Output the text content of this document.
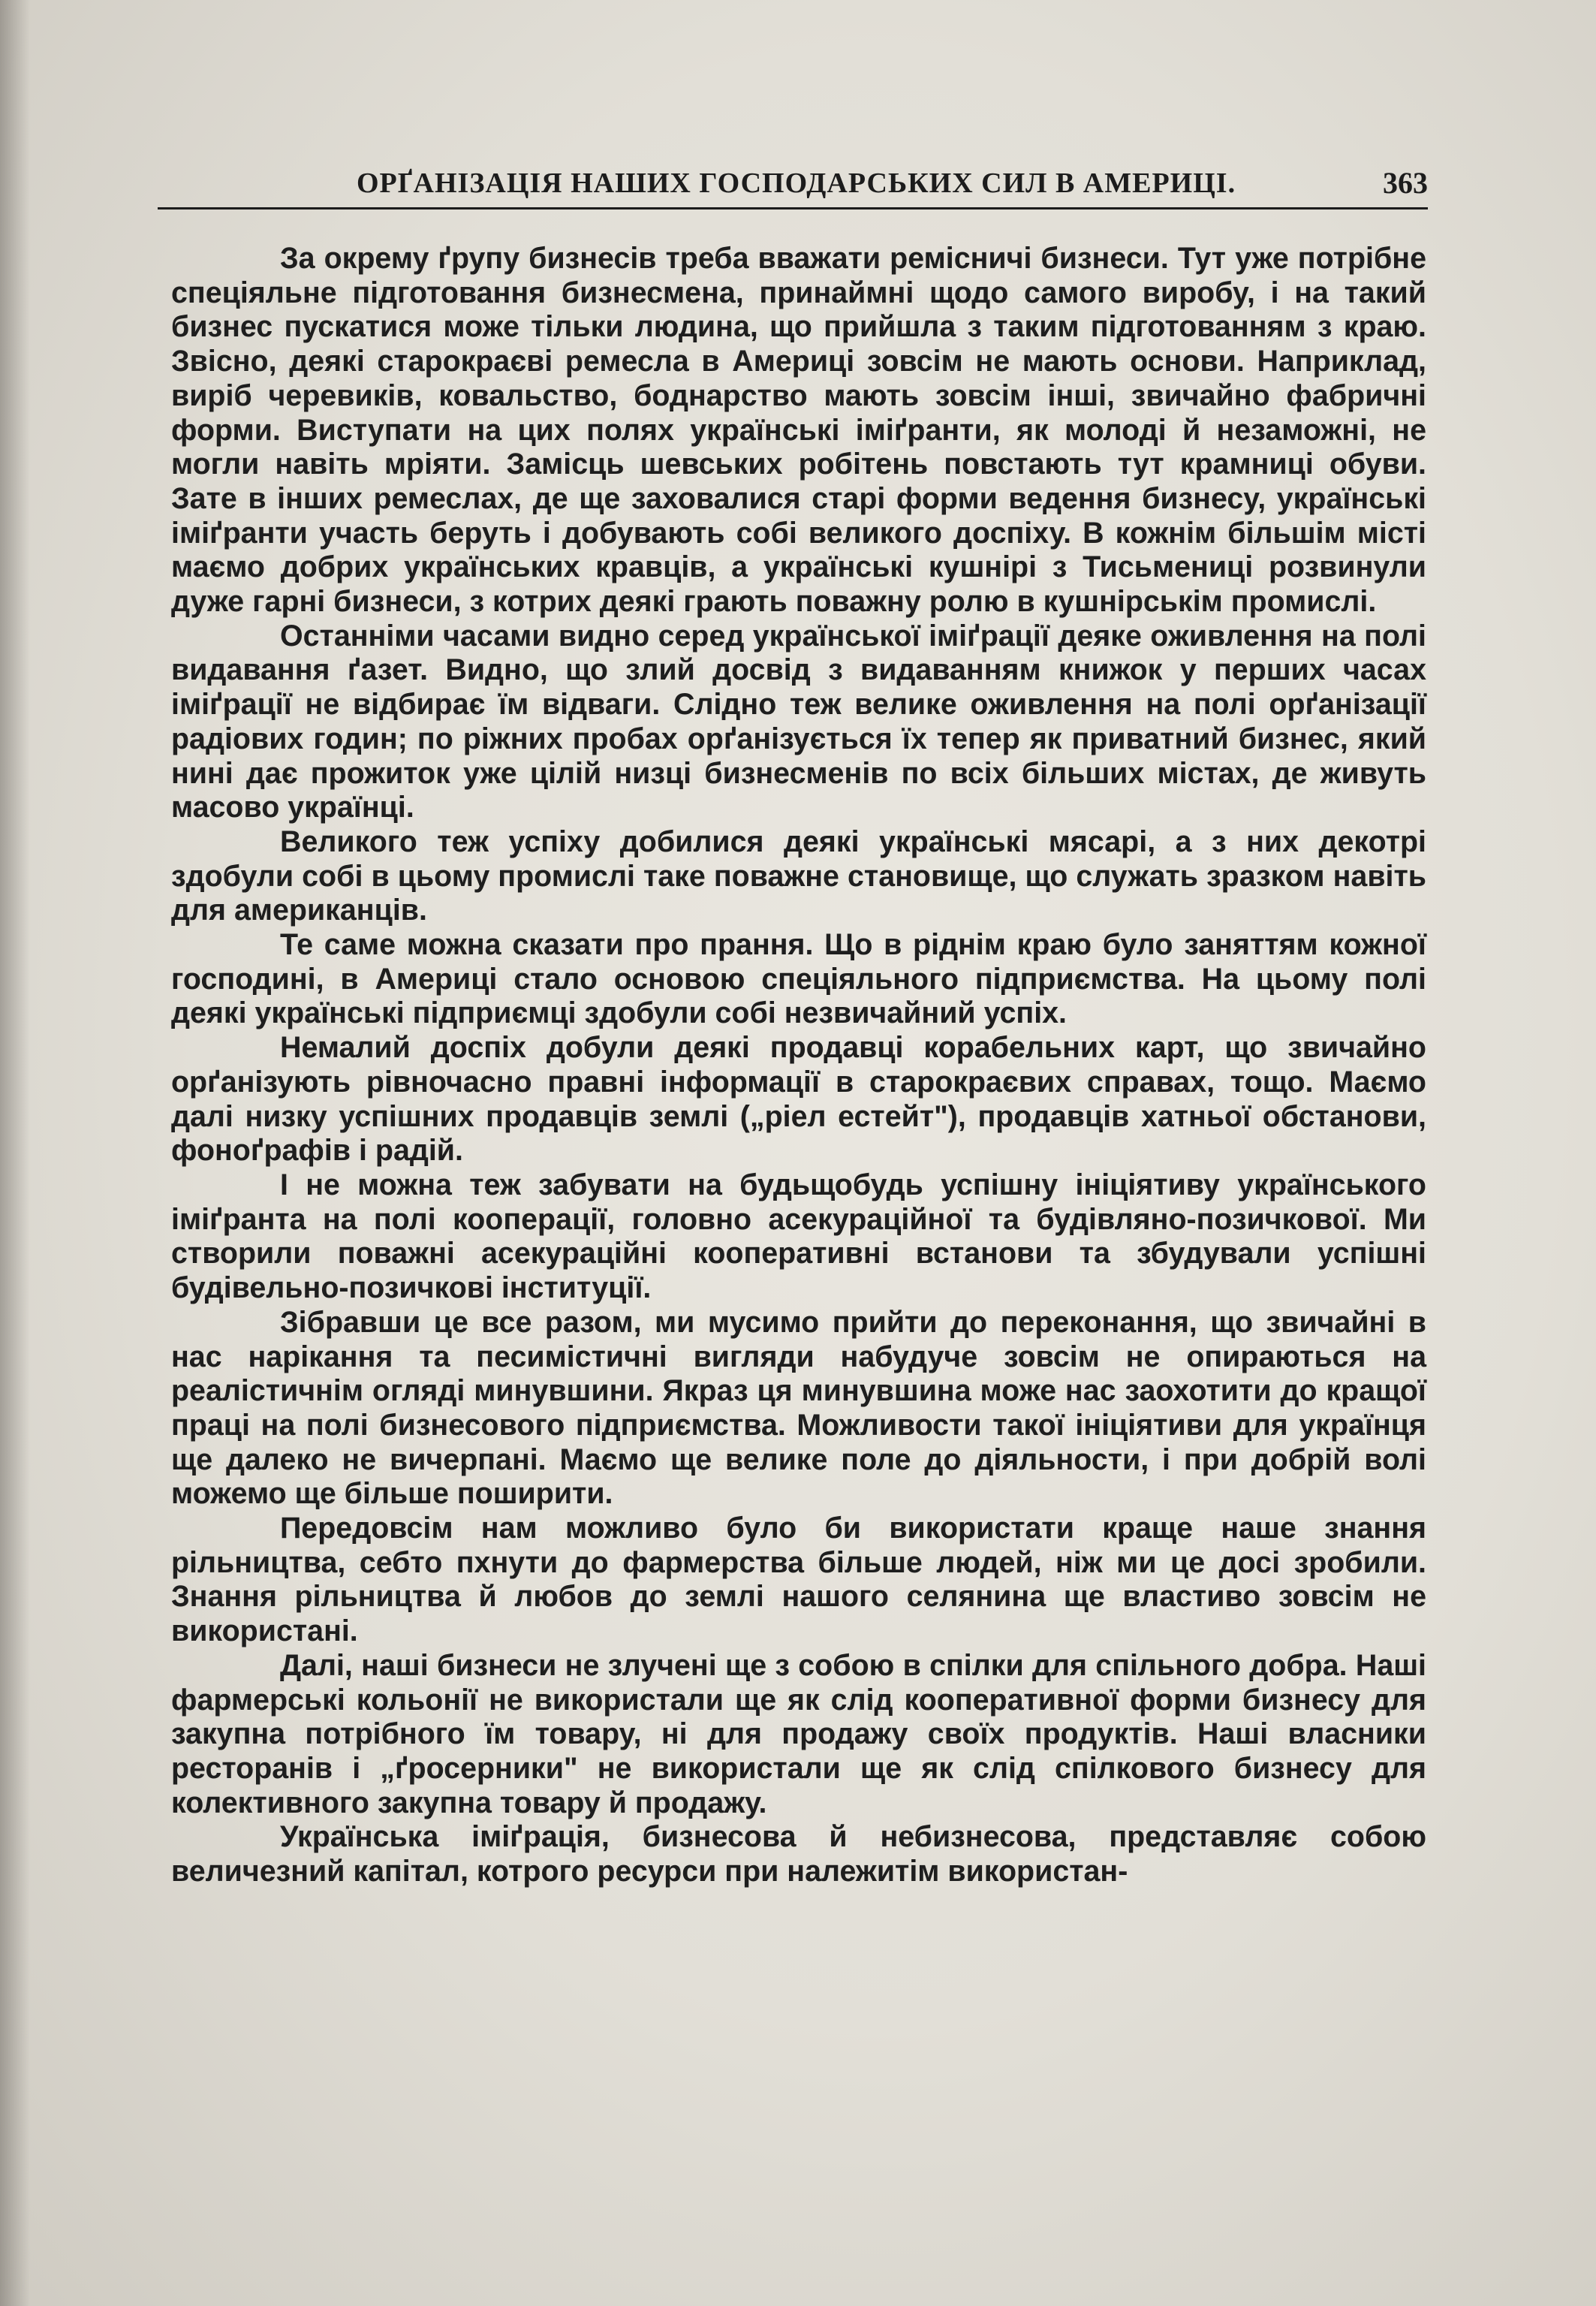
ОРҐАНІЗАЦІЯ НАШИХ ГОСПОДАРСЬКИХ СИЛ В АМЕРИЦІ.	363

За окрему ґрупу бизнесів треба вважати ремісничі бизнеси. Тут уже потрібне спеціяльне підготовання бизнесмена, принаймні щодо самого виробу, і на такий бизнес пускатися може тільки людина, що прийшла з таким підготованням з краю. Звісно, деякі старокраєві ремесла в Америці зовсім не мають основи. Наприклад, виріб черевиків, ковальство, боднарство мають зовсім інші, звичайно фабричні форми. Виступати на цих полях українські іміґранти, як молоді й незаможні, не могли навіть мріяти. Замісць шевських робітень повстають тут крамниці обуви. Зате в інших ремеслах, де ще заховалися старі форми ведення бизнесу, українські іміґранти участь беруть і добувають собі великого доспіху. В кожнім більшім місті маємо добрих українських кравців, а українські кушнірі з Тисьмениці розвинули дуже гарні бизнеси, з котрих деякі грають поважну ролю в кушнірськім промислі.

Останніми часами видно серед української іміґрації деяке оживлення на полі видавання ґазет. Видно, що злий досвід з видаванням книжок у перших часах іміґрації не відбирає їм відваги. Слідно теж велике оживлення на полі орґанізації радіових годин; по ріжних пробах орґанізується їх тепер як приватний бизнес, який нині дає прожиток уже цілій низці бизнесменів по всіх більших містах, де живуть масово українці.

Великого теж успіху добилися деякі українські мясарі, а з них декотрі здобули собі в цьому промислі таке поважне становище, що служать зразком навіть для американців.

Те саме можна сказати про прання. Що в ріднім краю було заняттям кожної господині, в Америці стало основою спеціяльного підприємства. На цьому полі деякі українські підприємці здобули собі незвичайний успіх.

Немалий доспіх добули деякі продавці корабельних карт, що звичайно орґанізують рівночасно правні інформації в старокраєвих справах, тощо. Маємо далі низку успішних продавців землі („ріел естейт"), продавців хатньої обстанови, фоноґрафів і радій.

І не можна теж забувати на будьщобудь успішну ініціятиву українського іміґранта на полі кооперації, головно асекураційної та будівляно-позичкової. Ми створили поважні асекураційні кооперативні встанови та збудували успішні будівельно-позичкові інституції.

Зібравши це все разом, ми мусимо прийти до переконання, що звичайні в нас нарікання та песимістичні вигляди набудуче зовсім не опираються на реалістичнім огляді минувшини. Якраз ця минувшина може нас заохотити до кращої праці на полі бизнесового підприємства. Можливости такої ініціятиви для українця ще далеко не вичерпані. Маємо ще велике поле до діяльности, і при добрій волі можемо ще більше поширити.

Передовсім нам можливо було би використати краще наше знання рільництва, себто пхнути до фармерства більше людей, ніж ми це досі зробили. Знання рільництва й любов до землі нашого селянина ще властиво зовсім не використані.

Далі, наші бизнеси не злучені ще з собою в спілки для спільного добра. Наші фармерські кольонії не використали ще як слід кооперативної форми бизнесу для закупна потрібного їм товару, ні для продажу своїх продуктів. Наші власники ресторанів і „ґросерники" не використали ще як слід спілкового бизнесу для колективного закупна товару й продажу.

Українська іміґрація, бизнесова й небизнесова, представляє собою величезний капітал, котрого ресурси при належитім використан-
